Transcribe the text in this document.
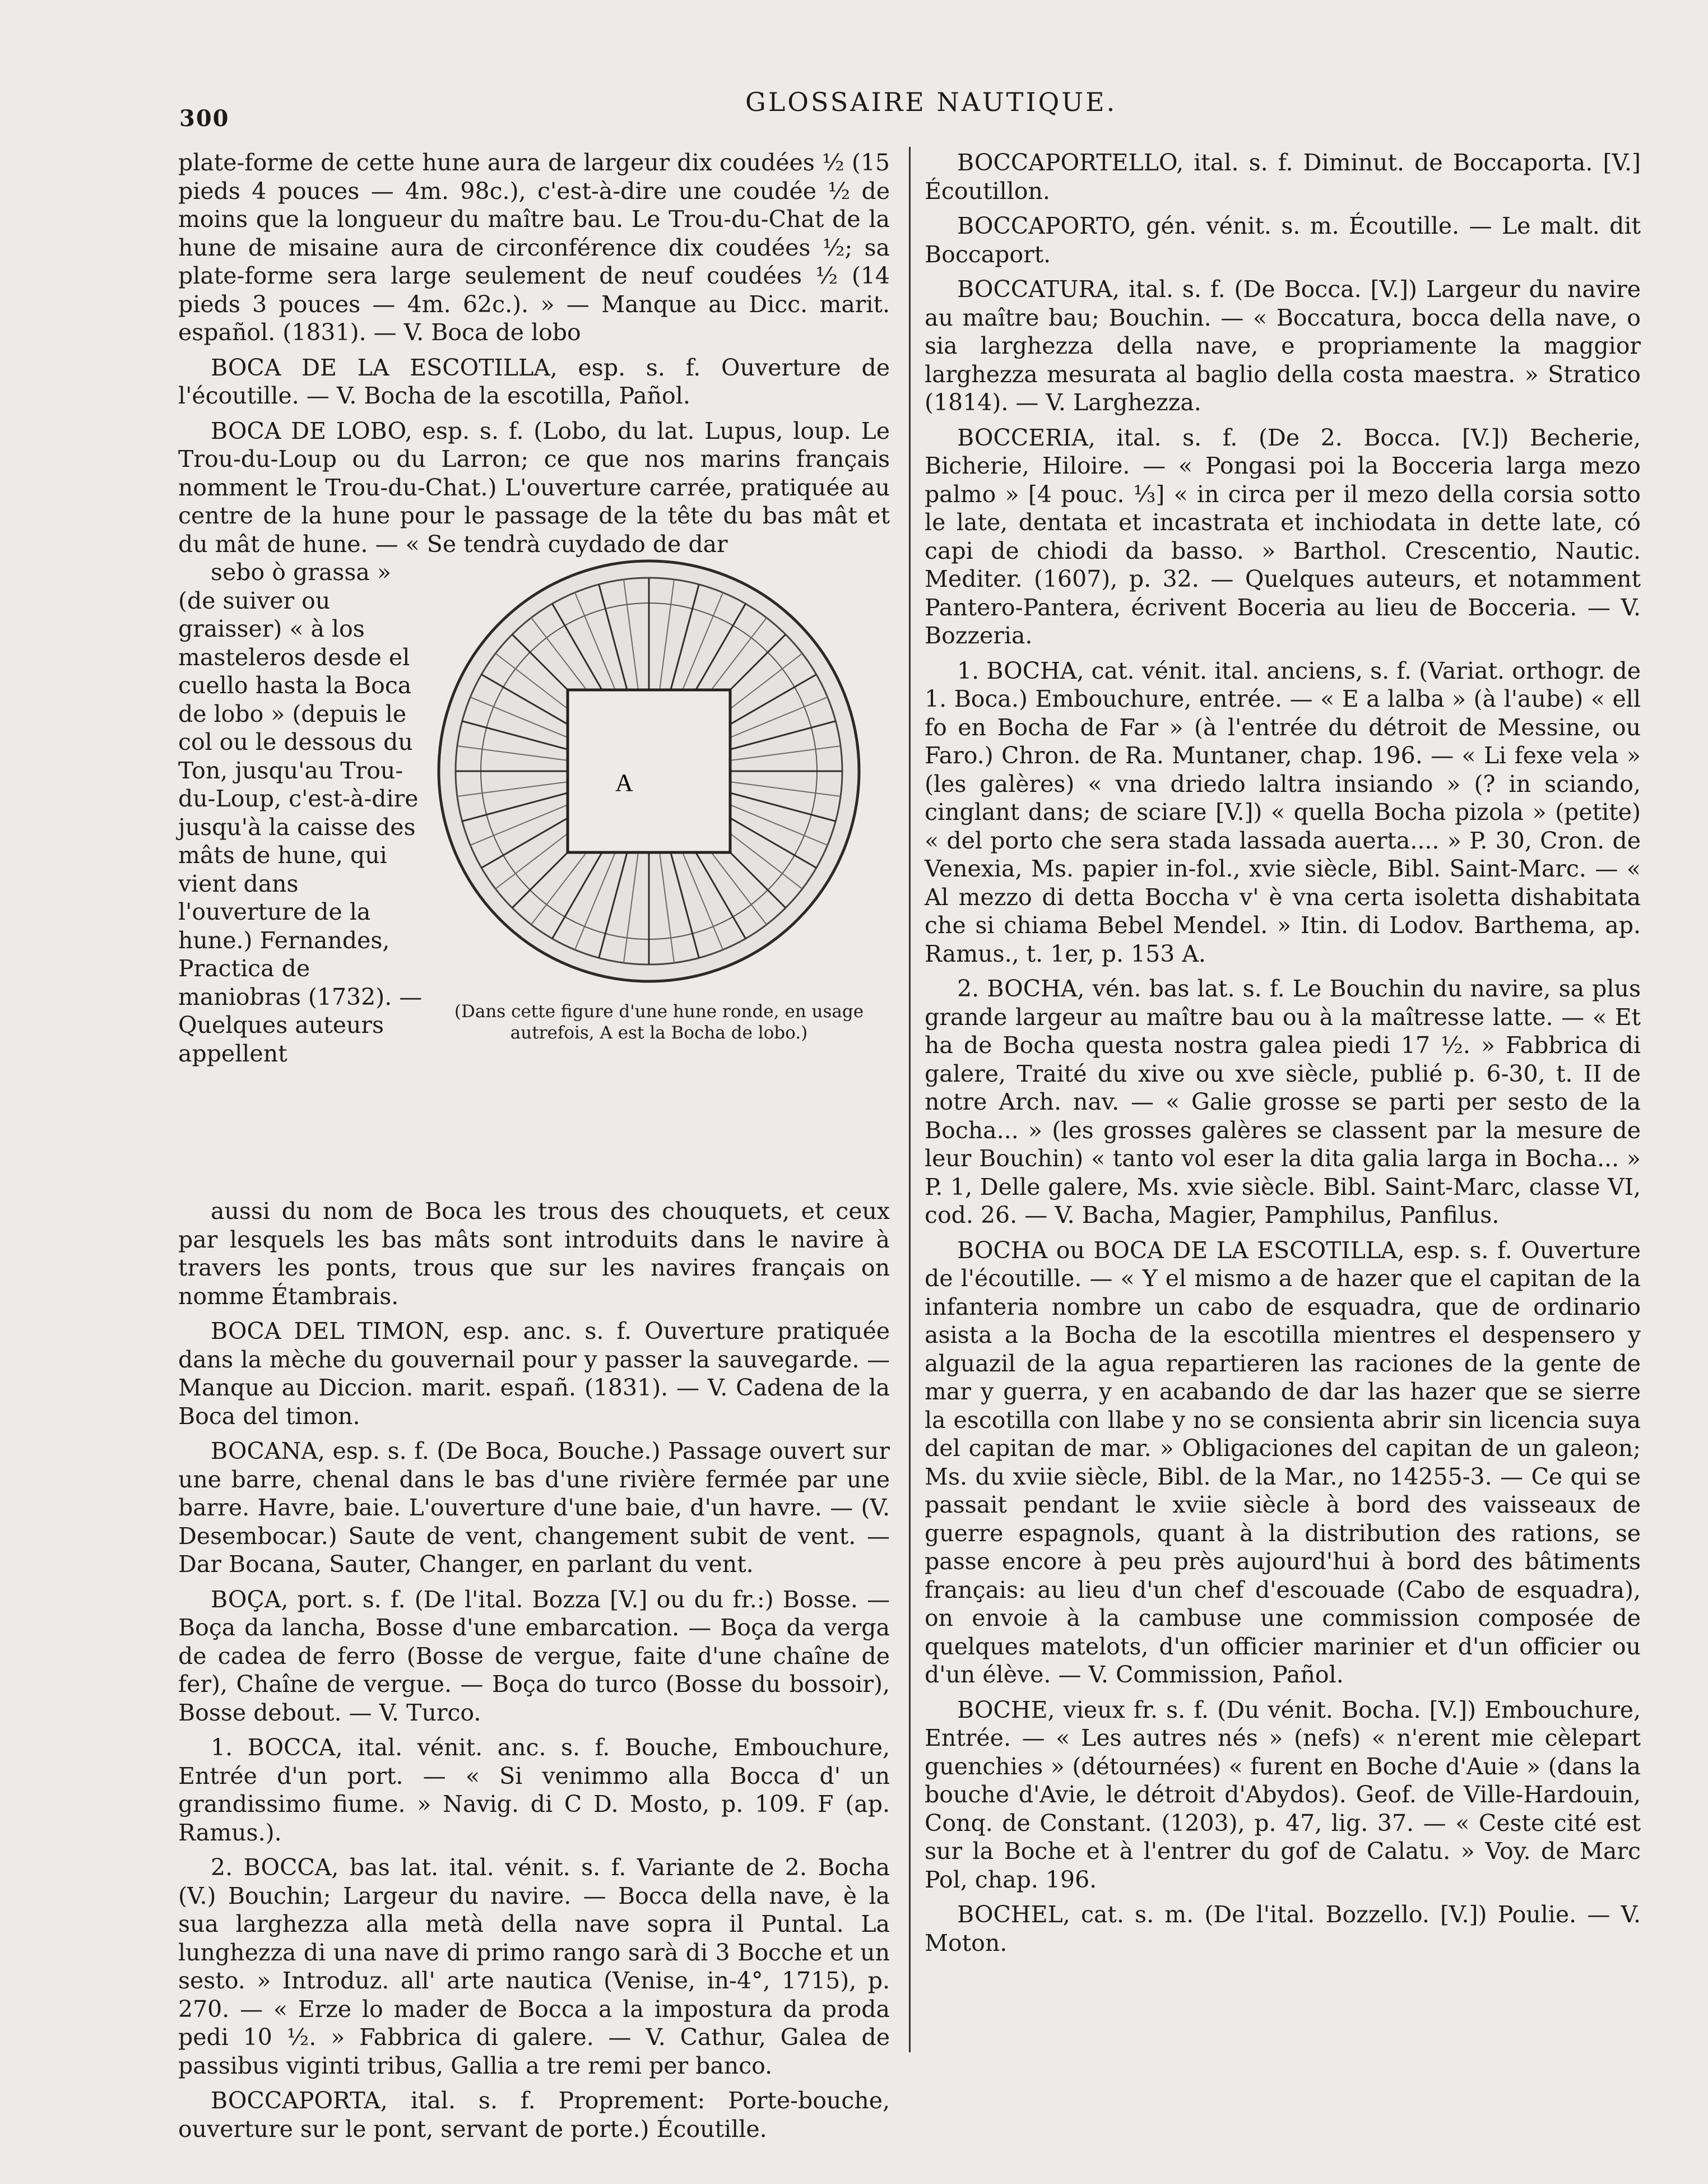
300
GLOSSAIRE NAUTIQUE.

plate-forme de cette hune aura de largeur dix coudées ½ (15 pieds 4 pouces — 4m. 98c.), c'est-à-dire une coudée ½ de moins que la longueur du maître bau. Le Trou-du-Chat de la hune de misaine aura de circonférence dix coudées ½; sa plate-forme sera large seulement de neuf coudées ½ (14 pieds 3 pouces — 4m. 62c.). » — Manque au Dicc. marit. español. (1831). — V. Boca de lobo

BOCA DE LA ESCOTILLA, esp. s. f. Ouverture de l'écoutille. — V. Bocha de la escotilla, Pañol.

BOCA DE LOBO, esp. s. f. (Lobo, du lat. Lupus, loup. Le Trou-du-Loup ou du Larron; ce que nos marins français nomment le Trou-du-Chat.) L'ouverture carrée, pratiquée au centre de la hune pour le passage de la tête du bas mât et du mât de hune. — « Se tendrà cuydado de dar

sebo ò grassa » (de suiver ou graisser) « à los masteleros desde el cuello hasta la Boca de lobo » (depuis le col ou le dessous du Ton, jusqu'au Trou-du-Loup, c'est-à-dire jusqu'à la caisse des mâts de hune, qui vient dans l'ouverture de la hune.) Fernandes, Practica de maniobras (1732). — Quelques auteurs appellent

A
(Dans cette figure d'une hune ronde, en usage autrefois, A est la Bocha de lobo.)

aussi du nom de Boca les trous des chouquets, et ceux par lesquels les bas mâts sont introduits dans le navire à travers les ponts, trous que sur les navires français on nomme Étambrais.

BOCA DEL TIMON, esp. anc. s. f. Ouverture pratiquée dans la mèche du gouvernail pour y passer la sauvegarde. — Manque au Diccion. marit. españ. (1831). — V. Cadena de la Boca del timon.

BOCANA, esp. s. f. (De Boca, Bouche.) Passage ouvert sur une barre, chenal dans le bas d'une rivière fermée par une barre. Havre, baie. L'ouverture d'une baie, d'un havre. — (V. Desembocar.) Saute de vent, changement subit de vent. — Dar Bocana, Sauter, Changer, en parlant du vent.

BOÇA, port. s. f. (De l'ital. Bozza [V.] ou du fr.:) Bosse. — Boça da lancha, Bosse d'une embarcation. — Boça da verga de cadea de ferro (Bosse de vergue, faite d'une chaîne de fer), Chaîne de vergue. — Boça do turco (Bosse du bossoir), Bosse debout. — V. Turco.

1. BOCCA, ital. vénit. anc. s. f. Bouche, Embouchure, Entrée d'un port. — « Si venimmo alla Bocca d' un grandissimo fiume. » Navig. di C D. Mosto, p. 109. F (ap. Ramus.).

2. BOCCA, bas lat. ital. vénit. s. f. Variante de 2. Bocha (V.) Bouchin; Largeur du navire. — Bocca della nave, è la sua larghezza alla metà della nave sopra il Puntal. La lunghezza di una nave di primo rango sarà di 3 Bocche et un sesto. » Introduz. all' arte nautica (Venise, in-4°, 1715), p. 270. — « Erze lo mader de Bocca a la impostura da proda pedi 10 ½. » Fabbrica di galere. — V. Cathur, Galea de passibus viginti tribus, Gallia a tre remi per banco.

BOCCAPORTA, ital. s. f. Proprement: Porte-bouche, ouverture sur le pont, servant de porte.) Écoutille.

BOCCAPORTELLO, ital. s. f. Diminut. de Boccaporta. [V.] Écoutillon.

BOCCAPORTO, gén. vénit. s. m. Écoutille. — Le malt. dit Boccaport.

BOCCATURA, ital. s. f. (De Bocca. [V.]) Largeur du navire au maître bau; Bouchin. — « Boccatura, bocca della nave, o sia larghezza della nave, e propriamente la maggior larghezza mesurata al baglio della costa maestra. » Stratico (1814). — V. Larghezza.

BOCCERIA, ital. s. f. (De 2. Bocca. [V.]) Becherie, Bicherie, Hiloire. — « Pongasi poi la Bocceria larga mezo palmo » [4 pouc. ⅓] « in circa per il mezo della corsia sotto le late, dentata et incastrata et inchiodata in dette late, có capi de chiodi da basso. » Barthol. Crescentio, Nautic. Mediter. (1607), p. 32. — Quelques auteurs, et notamment Pantero-Pantera, écrivent Boceria au lieu de Bocceria. — V. Bozzeria.

1. BOCHA, cat. vénit. ital. anciens, s. f. (Variat. orthogr. de 1. Boca.) Embouchure, entrée. — « E a lalba » (à l'aube) « ell fo en Bocha de Far » (à l'entrée du détroit de Messine, ou Faro.) Chron. de Ra. Muntaner, chap. 196. — « Li fexe vela » (les galères) « vna driedo laltra insiando » (? in sciando, cinglant dans; de sciare [V.]) « quella Bocha pizola » (petite) « del porto che sera stada lassada auerta.... » P. 30, Cron. de Venexia, Ms. papier in-fol., xvie siècle, Bibl. Saint-Marc. — « Al mezzo di detta Boccha v' è vna certa isoletta dishabitata che si chiama Bebel Mendel. » Itin. di Lodov. Barthema, ap. Ramus., t. 1er, p. 153 A.

2. BOCHA, vén. bas lat. s. f. Le Bouchin du navire, sa plus grande largeur au maître bau ou à la maîtresse latte. — « Et ha de Bocha questa nostra galea piedi 17 ½. » Fabbrica di galere, Traité du xive ou xve siècle, publié p. 6-30, t. II de notre Arch. nav. — « Galie grosse se parti per sesto de la Bocha... » (les grosses galères se classent par la mesure de leur Bouchin) « tanto vol eser la dita galia larga in Bocha... » P. 1, Delle galere, Ms. xvie siècle. Bibl. Saint-Marc, classe VI, cod. 26. — V. Bacha, Magier, Pamphilus, Panfilus.

BOCHA ou BOCA DE LA ESCOTILLA, esp. s. f. Ouverture de l'écoutille. — « Y el mismo a de hazer que el capitan de la infanteria nombre un cabo de esquadra, que de ordinario asista a la Bocha de la escotilla mientres el despensero y alguazil de la agua repartieren las raciones de la gente de mar y guerra, y en acabando de dar las hazer que se sierre la escotilla con llabe y no se consienta abrir sin licencia suya del capitan de mar. » Obligaciones del capitan de un galeon; Ms. du xviie siècle, Bibl. de la Mar., no 14255-3. — Ce qui se passait pendant le xviie siècle à bord des vaisseaux de guerre espagnols, quant à la distribution des rations, se passe encore à peu près aujourd'hui à bord des bâtiments français: au lieu d'un chef d'escouade (Cabo de esquadra), on envoie à la cambuse une commission composée de quelques matelots, d'un officier marinier et d'un officier ou d'un élève. — V. Commission, Pañol.

BOCHE, vieux fr. s. f. (Du vénit. Bocha. [V.]) Embouchure, Entrée. — « Les autres nés » (nefs) « n'erent mie cèlepart guenchies » (détournées) « furent en Boche d'Auie » (dans la bouche d'Avie, le détroit d'Abydos). Geof. de Ville-Hardouin, Conq. de Constant. (1203), p. 47, lig. 37. — « Ceste cité est sur la Boche et à l'entrer du gof de Calatu. » Voy. de Marc Pol, chap. 196.

BOCHEL, cat. s. m. (De l'ital. Bozzello. [V.]) Poulie. — V. Moton.
